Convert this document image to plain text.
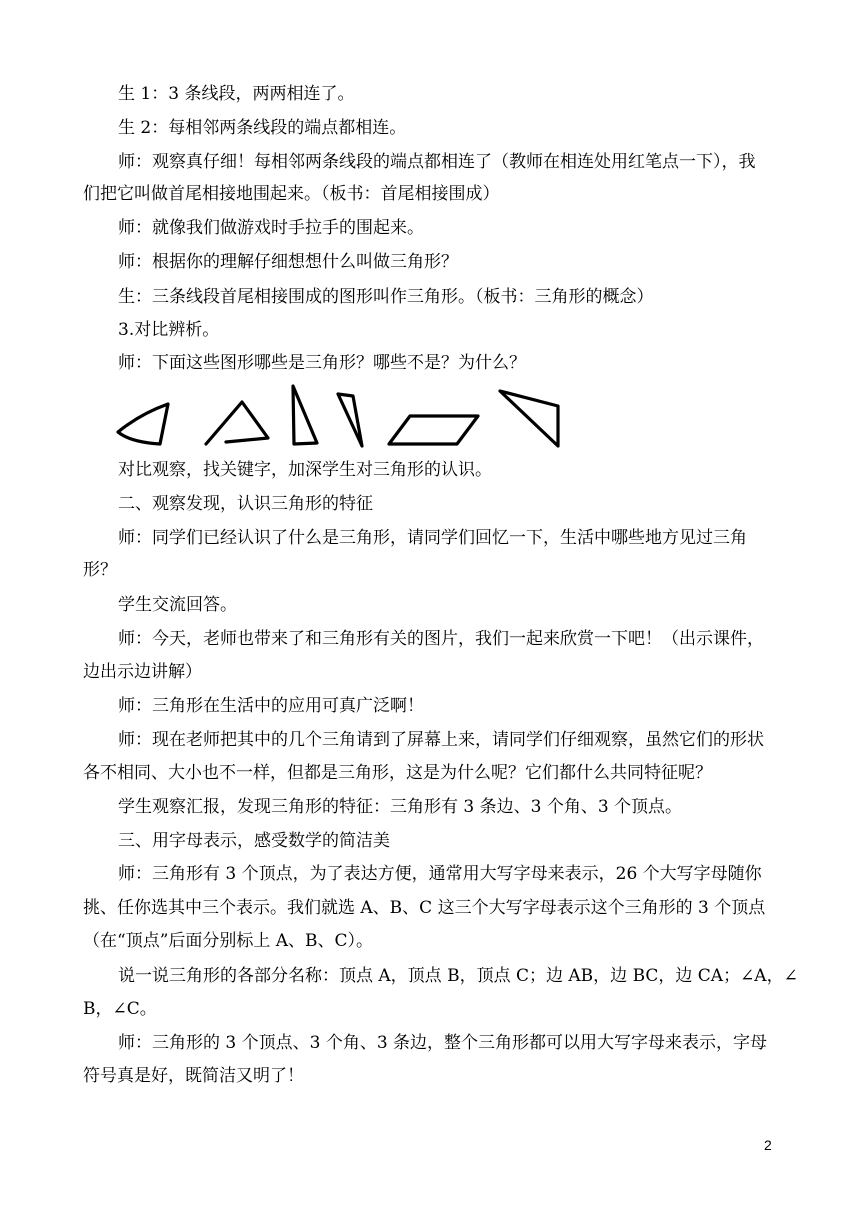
生 1：3 条线段，两两相连了。
生 2：每相邻两条线段的端点都相连。
师：观察真仔细！每相邻两条线段的端点都相连了（教师在相连处用红笔点一下），我
们把它叫做首尾相接地围起来。（板书：首尾相接围成）
师：就像我们做游戏时手拉手的围起来。
师：根据你的理解仔细想想什么叫做三角形？
生：三条线段首尾相接围成的图形叫作三角形。（板书：三角形的概念）
3.对比辨析。
师：下面这些图形哪些是三角形？哪些不是？为什么？
对比观察，找关键字，加深学生对三角形的认识。
二、观察发现，认识三角形的特征
师：同学们已经认识了什么是三角形，请同学们回忆一下，生活中哪些地方见过三角
形？
学生交流回答。
师：今天，老师也带来了和三角形有关的图片，我们一起来欣赏一下吧！（出示课件，
边出示边讲解）
师：三角形在生活中的应用可真广泛啊！
师：现在老师把其中的几个三角请到了屏幕上来，请同学们仔细观察，虽然它们的形状
各不相同、大小也不一样，但都是三角形，这是为什么呢？它们都什么共同特征呢？
学生观察汇报，发现三角形的特征：三角形有 3 条边、3 个角、3 个顶点。
三、用字母表示，感受数学的简洁美
师：三角形有 3 个顶点，为了表达方便，通常用大写字母来表示，26 个大写字母随你
挑、任你选其中三个表示。我们就选 A、B、C 这三个大写字母表示这个三角形的 3 个顶点
（在“顶点”后面分别标上 A、B、C）。
说一说三角形的各部分名称：顶点 A，顶点 B，顶点 C；边 AB，边 BC，边 CA；∠A，∠
B，∠C。
师：三角形的 3 个顶点、3 个角、3 条边，整个三角形都可以用大写字母来表示，字母
符号真是好，既简洁又明了！
2
